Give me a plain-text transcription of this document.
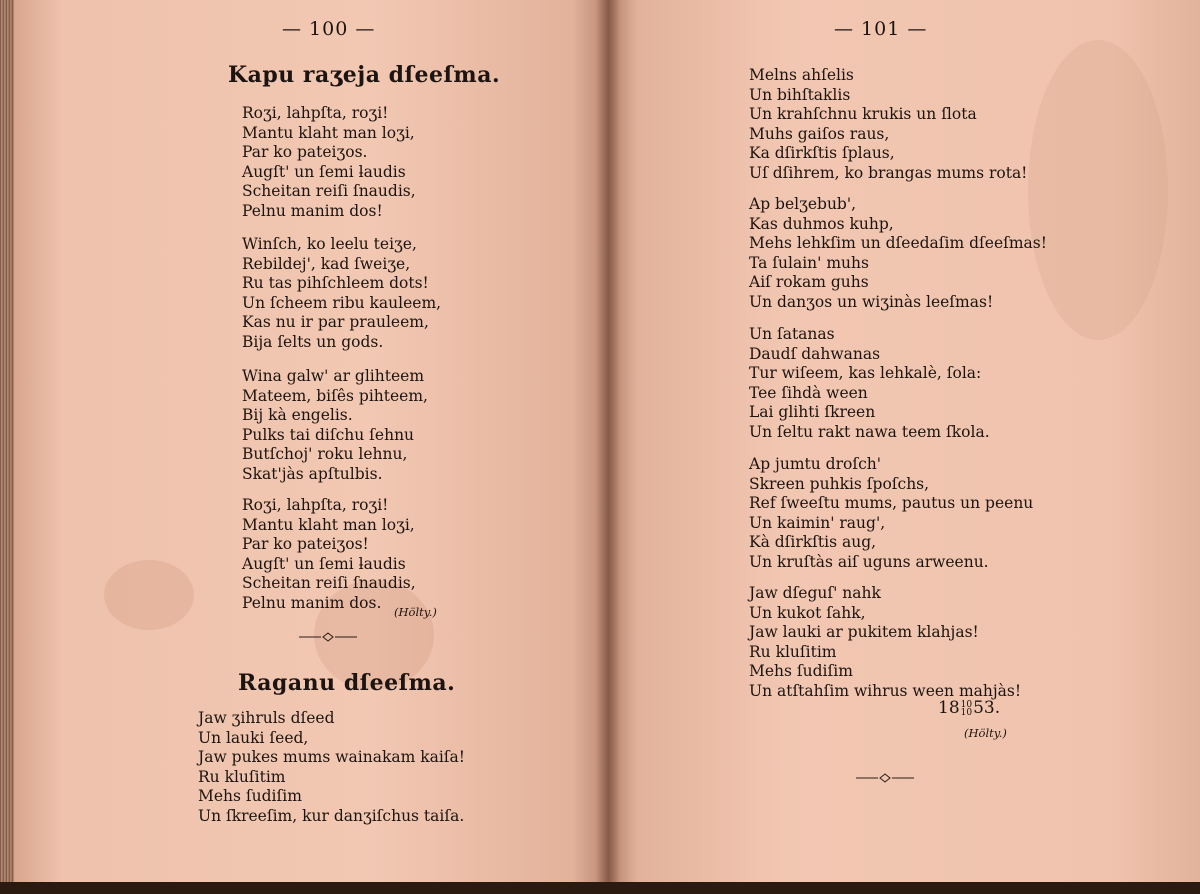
— 100 —
Kapu raʒeja dſeeſma.
Roʒi, lahpſta, roʒi!
Mantu klaht man loʒi,
Par ko pateiʒos.
Augſt' un ſemi ƚaudis
Scheitan reiſi ſnaudis,
Pelnu manim dos!
Winſch, ko leelu teiʒe,
Rebildej', kad ſweiʒe,
Ru tas pihſchleem dots!
Un ſcheem ribu kauleem,
Kas nu ir par prauleem,
Bija ſelts un gods.
Wina galw' ar glihteem
Mateem, biſês pihteem,
Bij kà engelis.
Pulks tai diſchu ſehnu
Butſchoj' roku lehnu,
Skat'jàs apſtulbis.
Roʒi, lahpſta, roʒi!
Mantu klaht man loʒi,
Par ko pateiʒos!
Augſt' un ſemi ƚaudis
Scheitan reiſi ſnaudis,
Pelnu manim dos.
(Hölty.)
Raganu dſeeſma.
Jaw ʒihruls dſeed
Un lauki ſeed,
Jaw pukes mums wainakam kaiſa!
Ru kluſitim
Mehs ſudiſim
Un ſkreeſim, kur danʒiſchus taiſa.
— 101 —
Melns ahſelis
Un bihſtaklis
Un krahſchnu krukis un ſlota
Muhs gaiſos raus,
Ka dſirkſtis ſplaus,
Uſ dſihrem, ko brangas mums rota!
Ap belʒebub',
Kas duhmos kuhp,
Mehs lehkſim un dſeedaſim dſeeſmas!
Ta ſulain' muhs
Aiſ rokam guhs
Un danʒos un wiʒinàs leeſmas!
Un ſatanas
Daudſ dahwanas
Tur wiſeem, kas lehkalè, ſola:
Tee ſihdà ween
Lai glihti ſkreen
Un ſeltu rakt nawa teem ſkola.
Ap jumtu droſch'
Skreen puhkis ſpoſchs,
Ref ſweeſtu mums, pautus un peenu
Un kaimin' raug',
Kà dſirkſtis aug,
Un kruſtàs aiſ uguns arweenu.
Jaw dſeguſ' nahk
Un kukot ſahk,
Jaw lauki ar pukitem klahjas!
Ru kluſitim
Mehs ſudiſim
Un atſtahſim wihrus ween mahjàs!
18 10
10 53.
(Hölty.)
